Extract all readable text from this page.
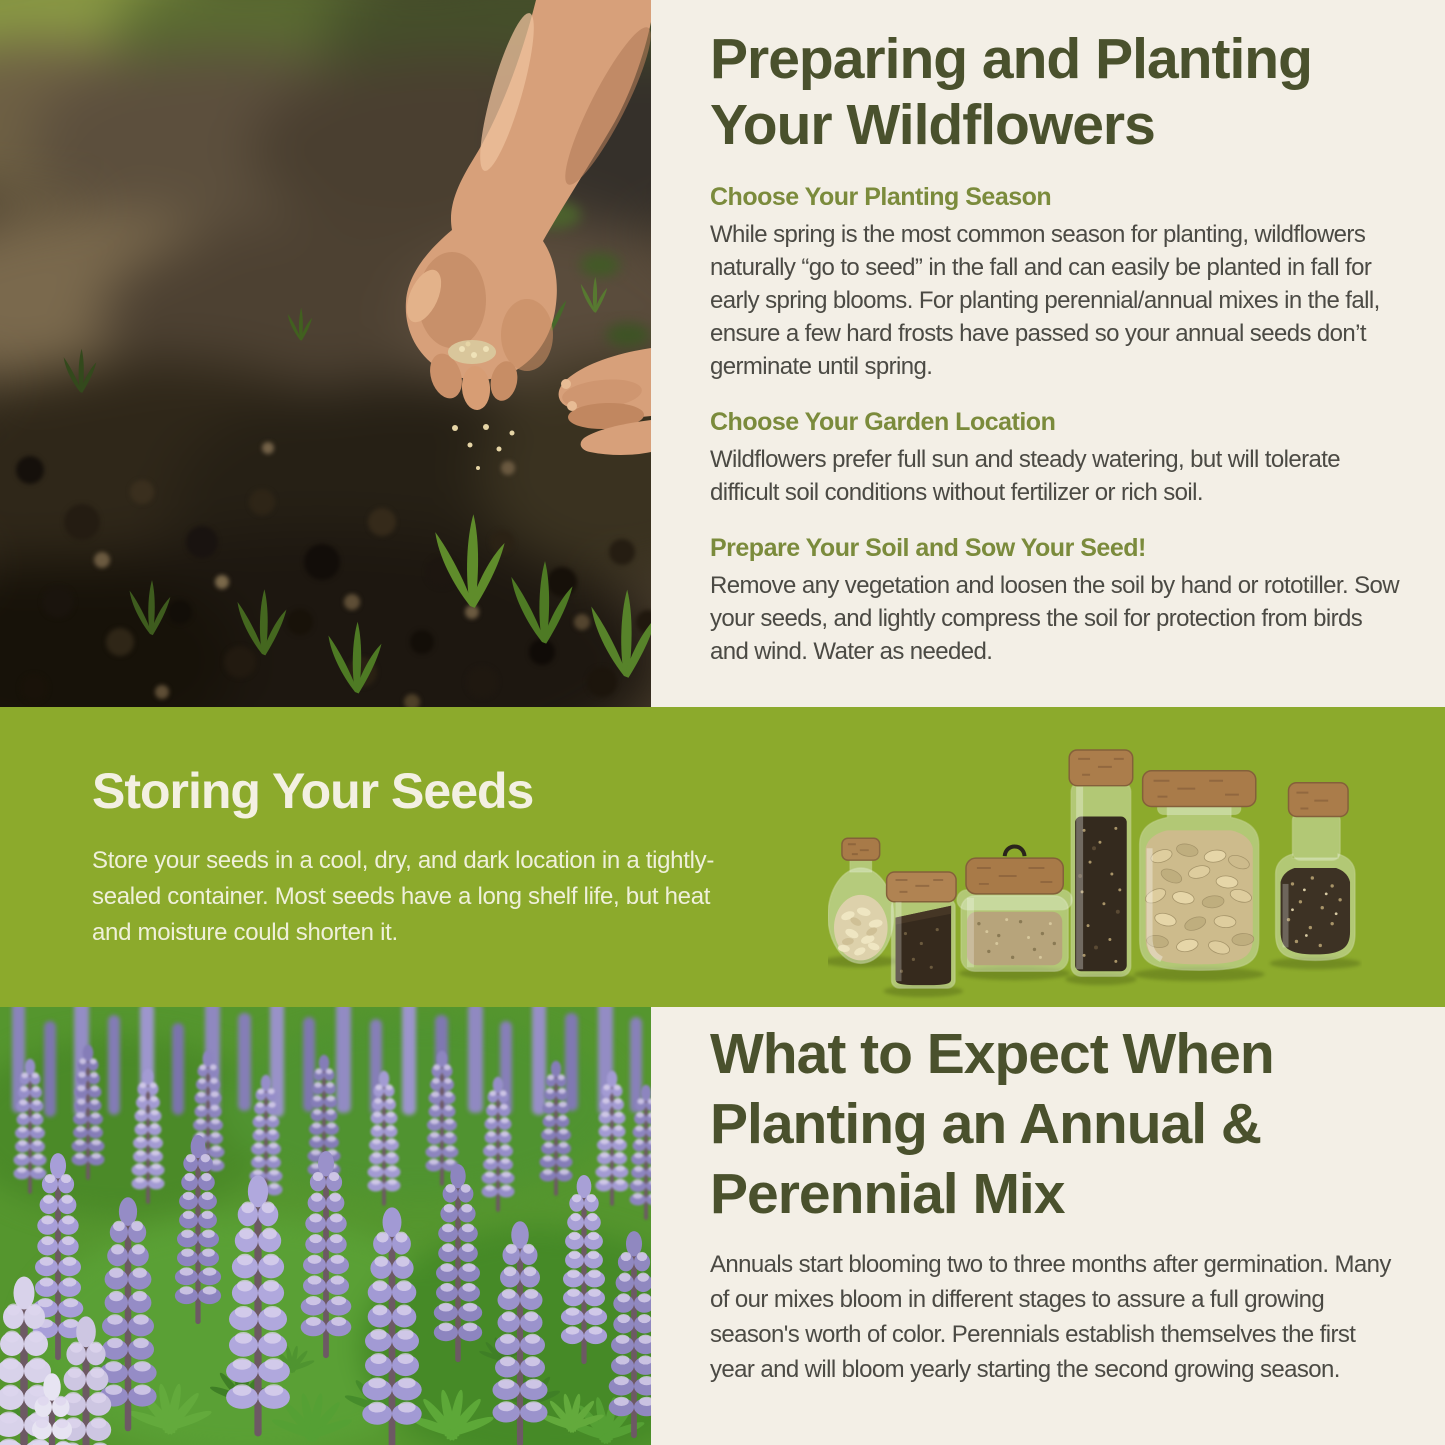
Preparing and Planting Your Wildflowers
Choose Your Planting Season

While spring is the most common season for planting, wildflowers naturally “go to seed” in the fall and can easily be planted in fall for early spring blooms. For planting perennial/annual mixes in the fall, ensure a few hard frosts have passed so your annual seeds don’t germinate until spring.

Choose Your Garden Location

Wildflowers prefer full sun and steady watering, but will tolerate difficult soil conditions without fertilizer or rich soil.

Prepare Your Soil and Sow Your Seed!

Remove any vegetation and loosen the soil by hand or rototiller. Sow your seeds, and lightly compress the soil for protection from birds and wind. Water as needed.

Storing Your Seeds

Store your seeds in a cool, dry, and dark location in a tightly-sealed container. Most seeds have a long shelf life, but heat and moisture could shorten it.

What to Expect When Planting an Annual & Perennial Mix

Annuals start blooming two to three months after germination. Many of our mixes bloom in different stages to assure a full growing season's worth of color. Perennials establish themselves the first year and will bloom yearly starting the second growing season.
